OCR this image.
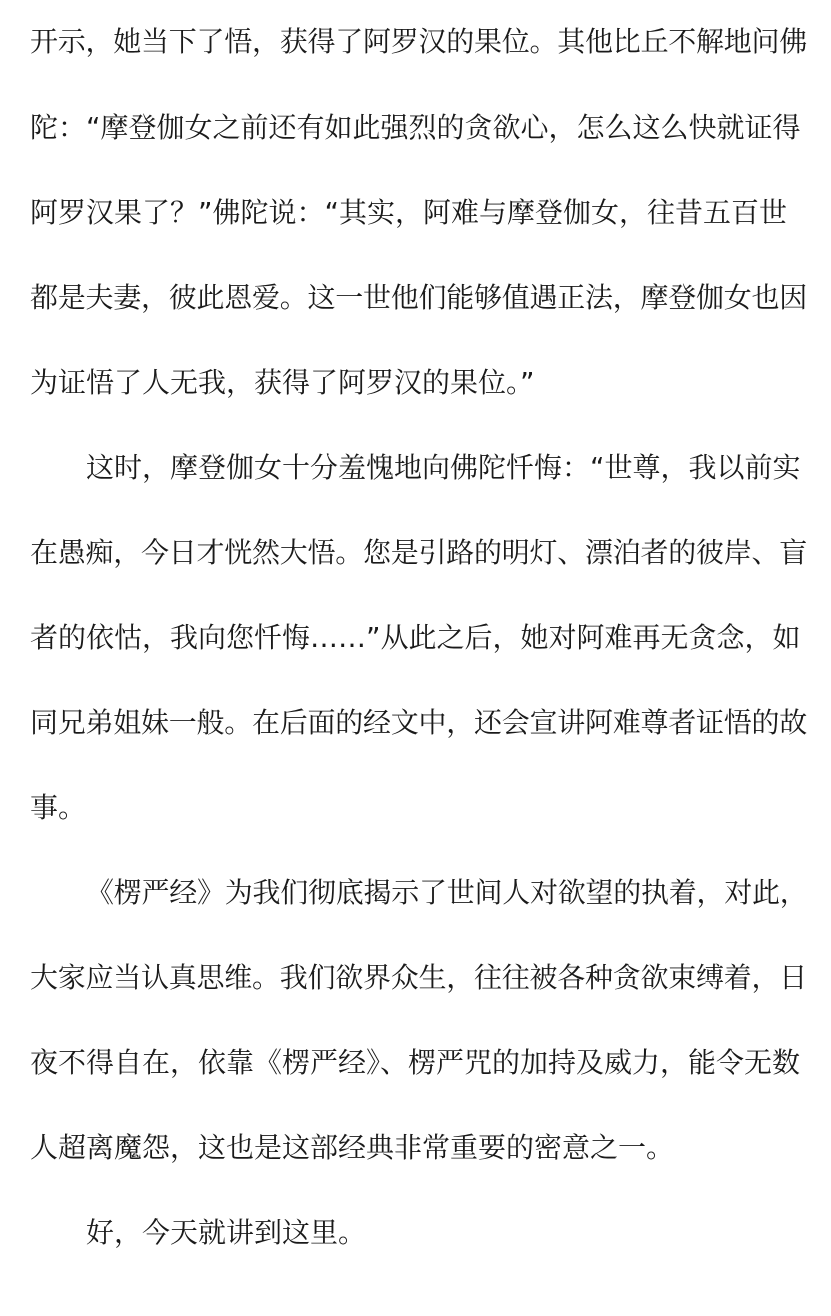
开示，她当下了悟，获得了阿罗汉的果位。其他比丘不解地问佛
陀：“摩登伽女之前还有如此强烈的贪欲心，怎么这么快就证得
阿罗汉果了？”佛陀说：“其实，阿难与摩登伽女，往昔五百世
都是夫妻，彼此恩爱。这一世他们能够值遇正法，摩登伽女也因
为证悟了人无我，获得了阿罗汉的果位。”
这时，摩登伽女十分羞愧地向佛陀忏悔：“世尊，我以前实
在愚痴，今日才恍然大悟。您是引路的明灯、漂泊者的彼岸、盲
者的依怙，我向您忏悔……”从此之后，她对阿难再无贪念，如
同兄弟姐妹一般。在后面的经文中，还会宣讲阿难尊者证悟的故
事。
《楞严经》为我们彻底揭示了世间人对欲望的执着，对此，
大家应当认真思维。我们欲界众生，往往被各种贪欲束缚着，日
夜不得自在，依靠《楞严经》、楞严咒的加持及威力，能令无数
人超离魔怨，这也是这部经典非常重要的密意之一。
好，今天就讲到这里。
